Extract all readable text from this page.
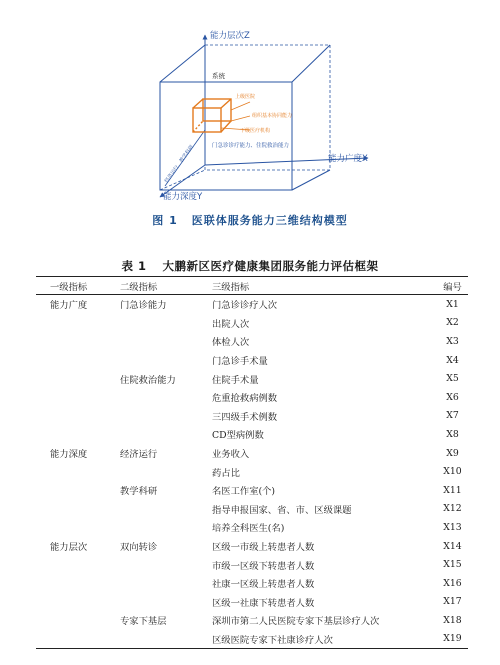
能力层次Z
能力广度X
能力深度Y
系统
上级医院
组织基本协同能力
下级医疗机构
门急诊诊疗能力、住院救治能力
经济运行、教学科研
图 1 医联体服务能力三维结构模型
表 1 大鹏新区医疗健康集团服务能力评估框架
一级指标	二级指标	三级指标	编号
能力广度	门急诊能力	门急诊诊疗人次	X1
		出院人次	X2
		体检人次	X3
		门急诊手术量	X4
	住院救治能力	住院手术量	X5
		危重抢救病例数	X6
		三四级手术例数	X7
		CD型病例数	X8
能力深度	经济运行	业务收入	X9
		药占比	X10
	教学科研	名医工作室(个)	X11
		指导申报国家、省、市、区级课题	X12
		培养全科医生(名)	X13
能力层次	双向转诊	区级一市级上转患者人数	X14
		市级一区级下转患者人数	X15
		社康一区级上转患者人数	X16
		区级一社康下转患者人数	X17
	专家下基层	深圳市第二人民医院专家下基层诊疗人次	X18
		区级医院专家下社康诊疗人次	X19
